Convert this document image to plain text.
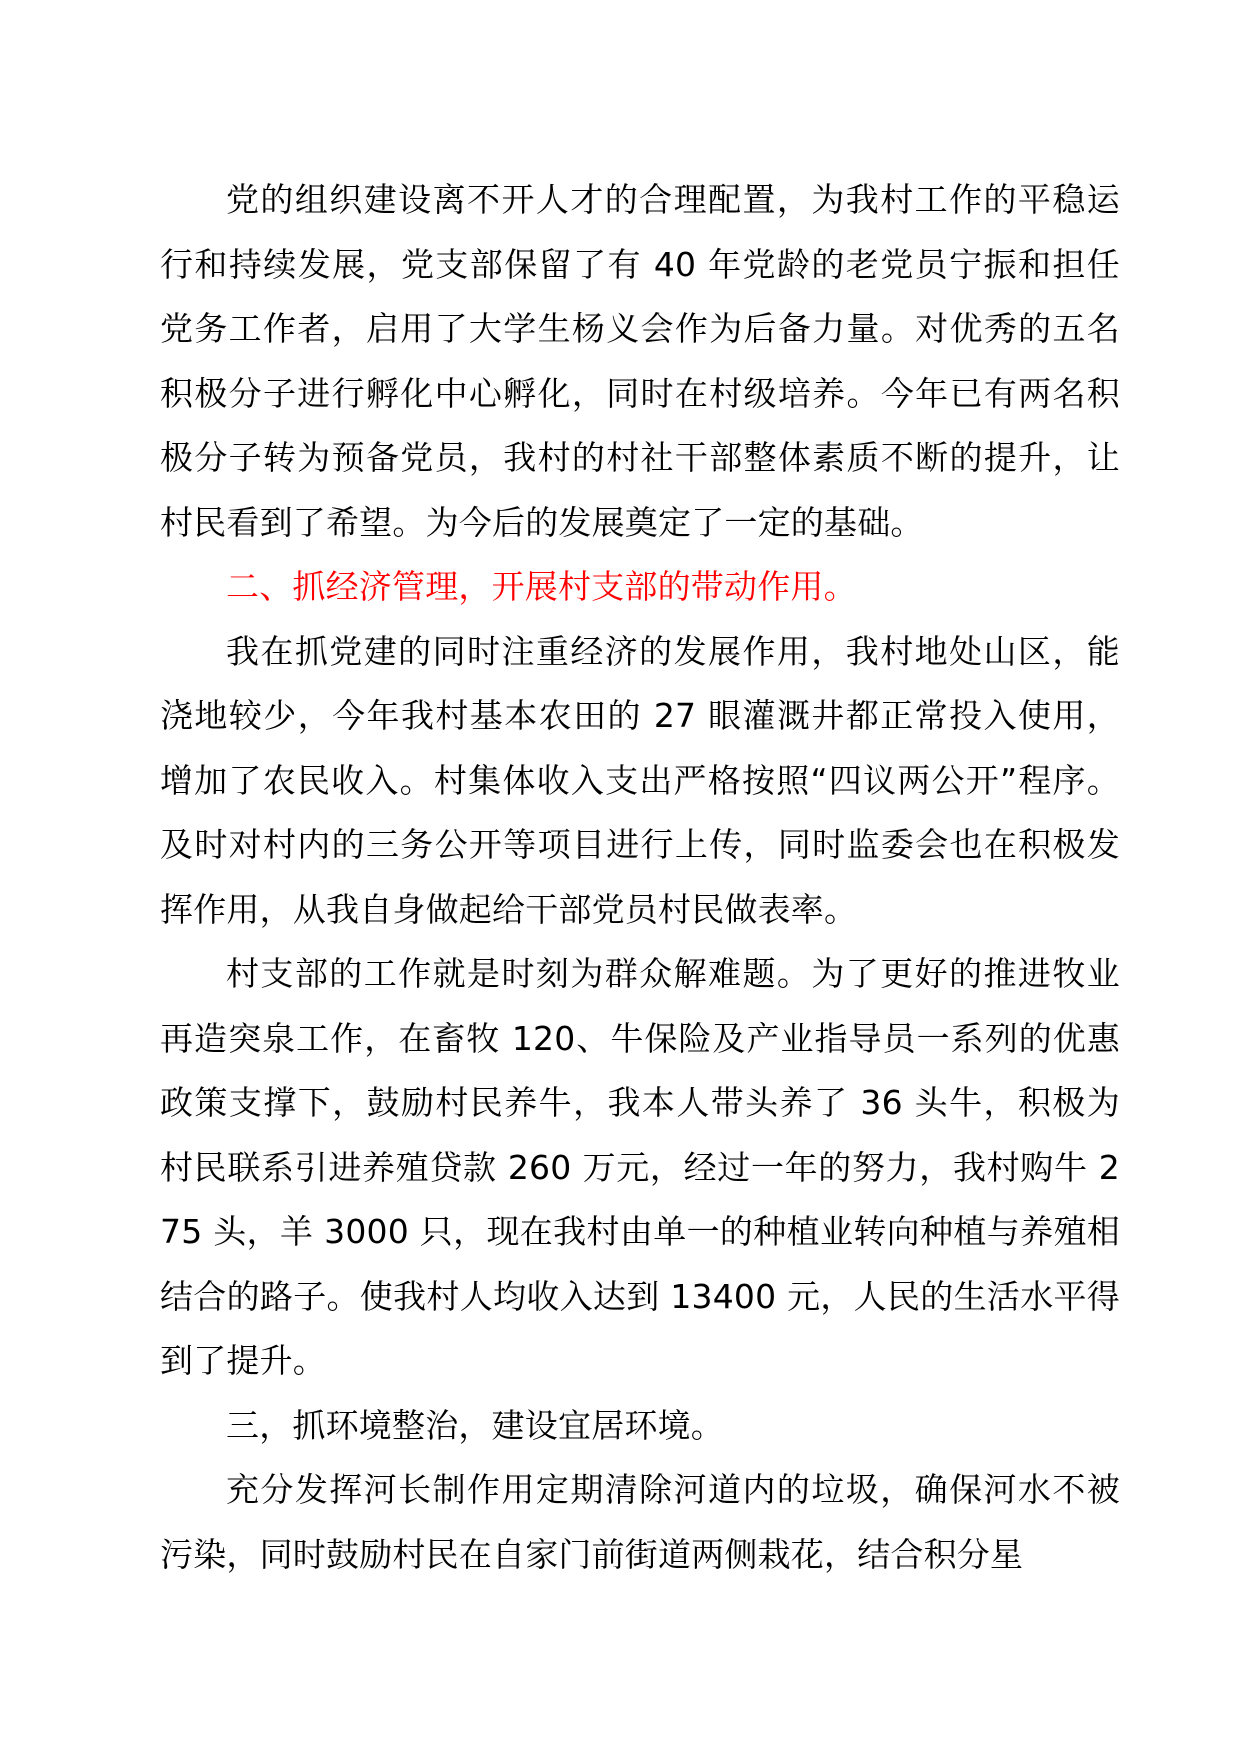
党的组织建设离不开人才的合理配置，为我村工作的平稳运行和持续发展，党支部保留了有 40 年党龄的老党员宁振和担任党务工作者，启用了大学生杨义会作为后备力量。对优秀的五名积极分子进行孵化中心孵化，同时在村级培养。今年已有两名积极分子转为预备党员，我村的村社干部整体素质不断的提升，让村民看到了希望。为今后的发展奠定了一定的基础。

二、抓经济管理，开展村支部的带动作用。

我在抓党建的同时注重经济的发展作用，我村地处山区，能浇地较少，今年我村基本农田的 27 眼灌溉井都正常投入使用，增加了农民收入。村集体收入支出严格按照“四议两公开”程序。及时对村内的三务公开等项目进行上传，同时监委会也在积极发挥作用，从我自身做起给干部党员村民做表率。

村支部的工作就是时刻为群众解难题。为了更好的推进牧业再造突泉工作，在畜牧 120、牛保险及产业指导员一系列的优惠政策支撑下，鼓励村民养牛，我本人带头养了 36 头牛，积极为村民联系引进养殖贷款 260 万元，经过一年的努力，我村购牛 275 头，羊 3000 只，现在我村由单一的种植业转向种植与养殖相结合的路子。使我村人均收入达到 13400 元，人民的生活水平得到了提升。

三，抓环境整治，建设宜居环境。

充分发挥河长制作用定期清除河道内的垃圾，确保河水不被污染，同时鼓励村民在自家门前街道两侧栽花，结合积分星
